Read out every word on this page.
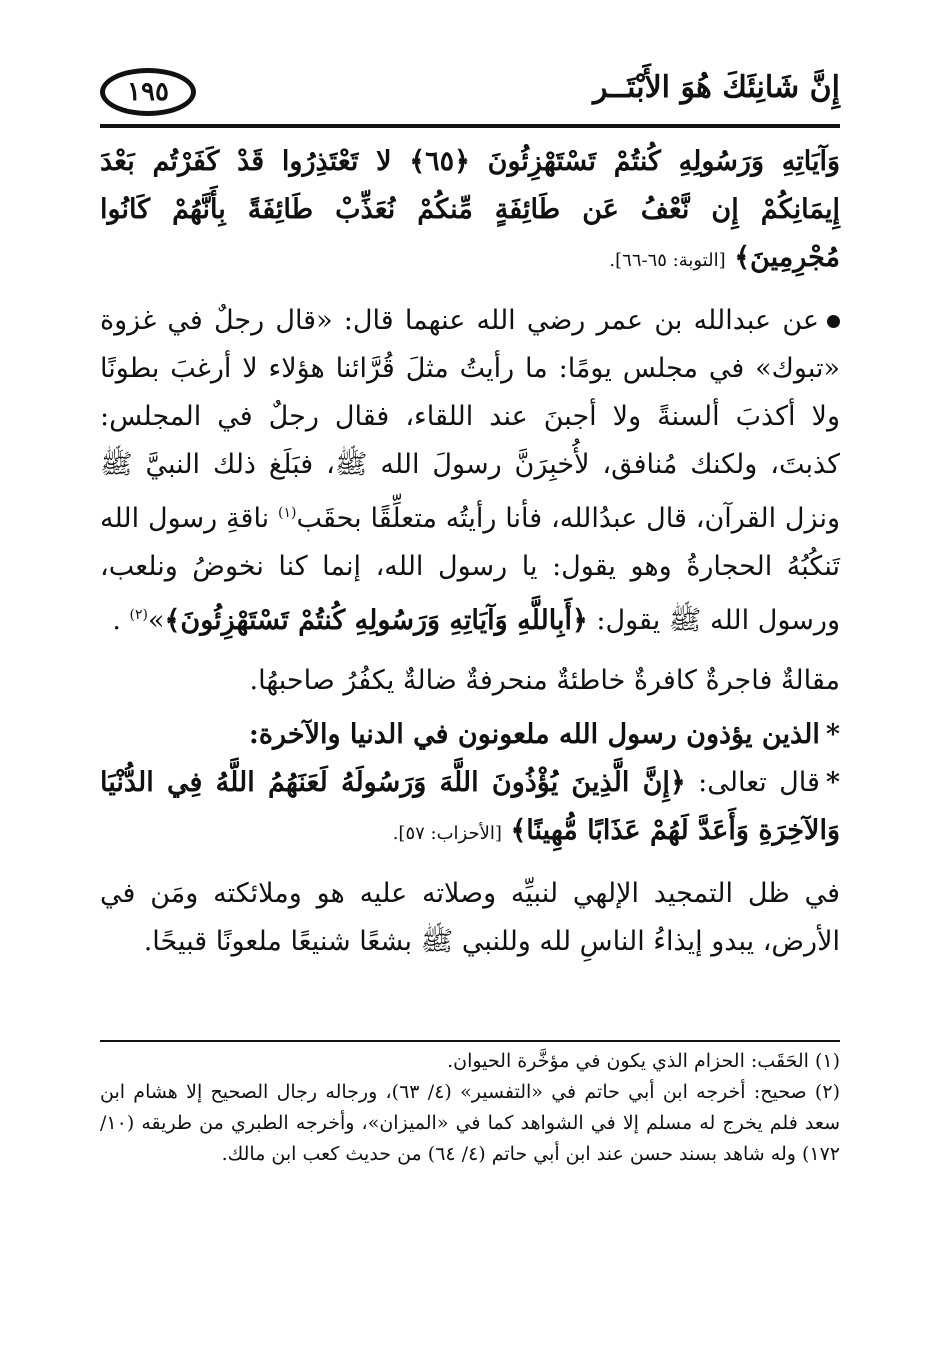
إِنَّ شَانِئَكَ هُوَ الأَبْتَــر
١٩٥

وَآيَاتِهِ وَرَسُولِهِ كُنتُمْ تَسْتَهْزِئُونَ ﴿٦٥﴾ لا تَعْتَذِرُوا قَدْ كَفَرْتُم بَعْدَ إِيمَانِكُمْ إِن نَّعْفُ عَن طَائِفَةٍ مِّنكُمْ نُعَذِّبْ طَائِفَةً بِأَنَّهُمْ كَانُوا مُجْرِمِينَ﴾ [التوبة: ٦٥-٦٦].

عن عبدالله بن عمر رضي الله عنهما قال: «قال رجلٌ في غزوة «تبوك» في مجلس يومًا: ما رأيتُ مثلَ قُرَّائنا هؤلاء لا أرغبَ بطونًا ولا أكذبَ ألسنةً ولا أجبنَ عند اللقاء، فقال رجلٌ في المجلس: كذبتَ، ولكنك مُنافق، لأُخبِرَنَّ رسولَ الله ﷺ، فبَلَغ ذلك النبيَّ ﷺ ونزل القرآن، قال عبدُالله، فأنا رأيتُه متعلِّقًا بحقَب$^{(١)}$ ناقةِ رسول الله تَنكُبُهُ الحجارةُ وهو يقول: يا رسول الله، إنما كنا نخوضُ ونلعب، ورسول الله ﷺ يقول: ﴿أَبِاللَّهِ وَآيَاتِهِ وَرَسُولِهِ كُنتُمْ تَسْتَهْزِئُونَ﴾»$^{(٢)}$ .

مقالةٌ فاجرةٌ كافرةٌ خاطئةٌ منحرفةٌ ضالةٌ يكفُرُ صاحبهُا.

*الذين يؤذون رسول الله ملعونون في الدنيا والآخرة:

*قال تعالى: ﴿إِنَّ الَّذِينَ يُؤْذُونَ اللَّهَ وَرَسُولَهُ لَعَنَهُمُ اللَّهُ فِي الدُّنْيَا وَالآخِرَةِ وَأَعَدَّ لَهُمْ عَذَابًا مُّهِينًا﴾ [الأحزاب: ٥٧].

في ظل التمجيد الإلهي لنبيِّه وصلاته عليه هو وملائكته ومَن في الأرض، يبدو إيذاءُ الناسِ لله وللنبي ﷺ بشعًا شنيعًا ملعونًا قبيحًا.

(١) الحَقَب: الحزام الذي يكون في مؤخَّرة الحيوان.

(٢) صحيح: أخرجه ابن أبي حاتم في «التفسير» (٤/ ٦٣)، ورجاله رجال الصحيح إلا هشام ابن سعد فلم يخرج له مسلم إلا في الشواهد كما في «الميزان»، وأخرجه الطبري من طريقه (١٠/ ١٧٢) وله شاهد بسند حسن عند ابن أبي حاتم (٤/ ٦٤) من حديث كعب ابن مالك.
